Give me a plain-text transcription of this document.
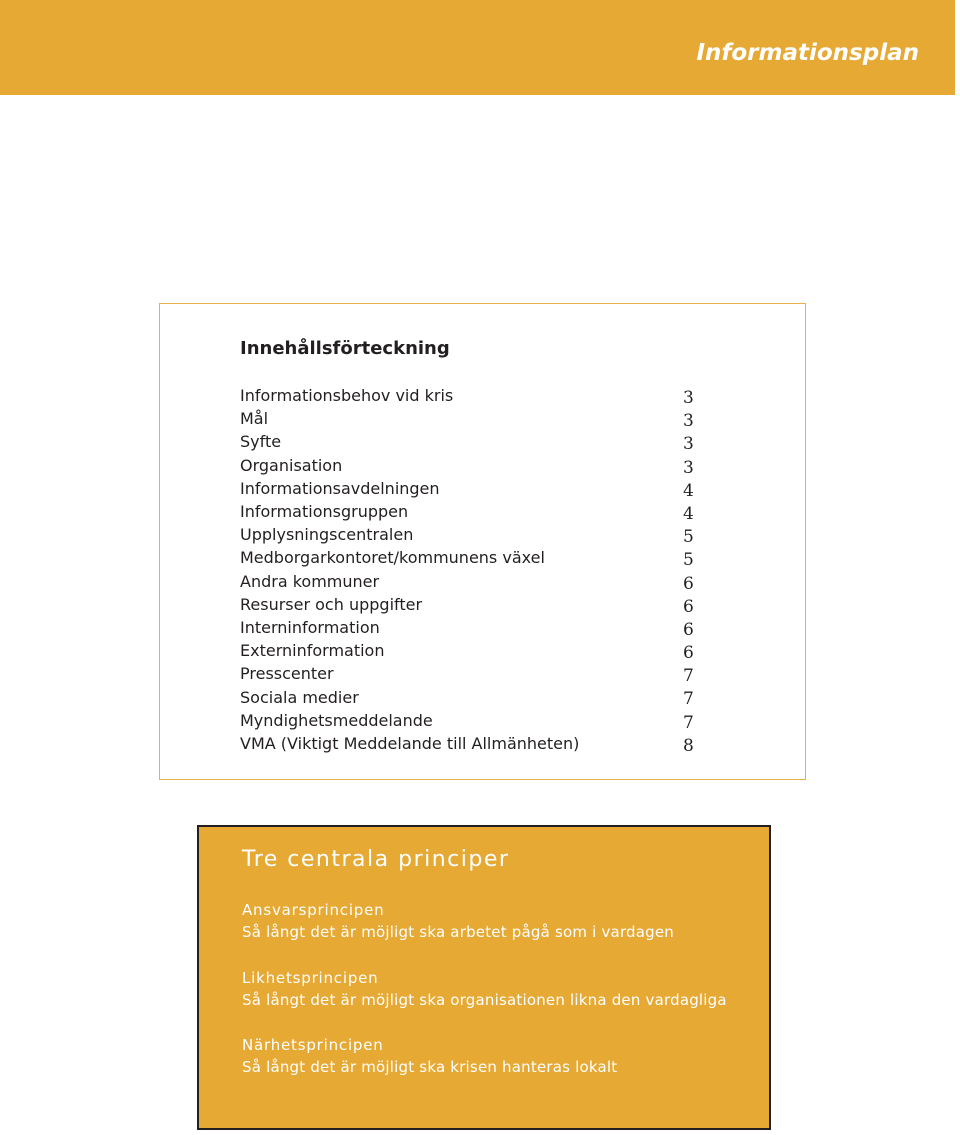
Informationsplan
Innehållsförteckning
Informationsbehov vid kris	3
Mål	3
Syfte	3
Organisation	3
Informationsavdelningen	4
Informationsgruppen	4
Upplysningscentralen	5
Medborgarkontoret/kommunens växel	5
Andra kommuner	6
Resurser och uppgifter	6
Interninformation	6
Externinformation	6
Presscenter	7
Sociala medier	7
Myndighetsmeddelande	7
VMA (Viktigt Meddelande till Allmänheten)	8
Tre centrala principer
Ansvarsprincipen
Så långt det är möjligt ska arbetet pågå som i vardagen
Likhetsprincipen
Så långt det är möjligt ska organisationen likna den vardagliga
Närhetsprincipen
Så långt det är möjligt ska krisen hanteras lokalt
